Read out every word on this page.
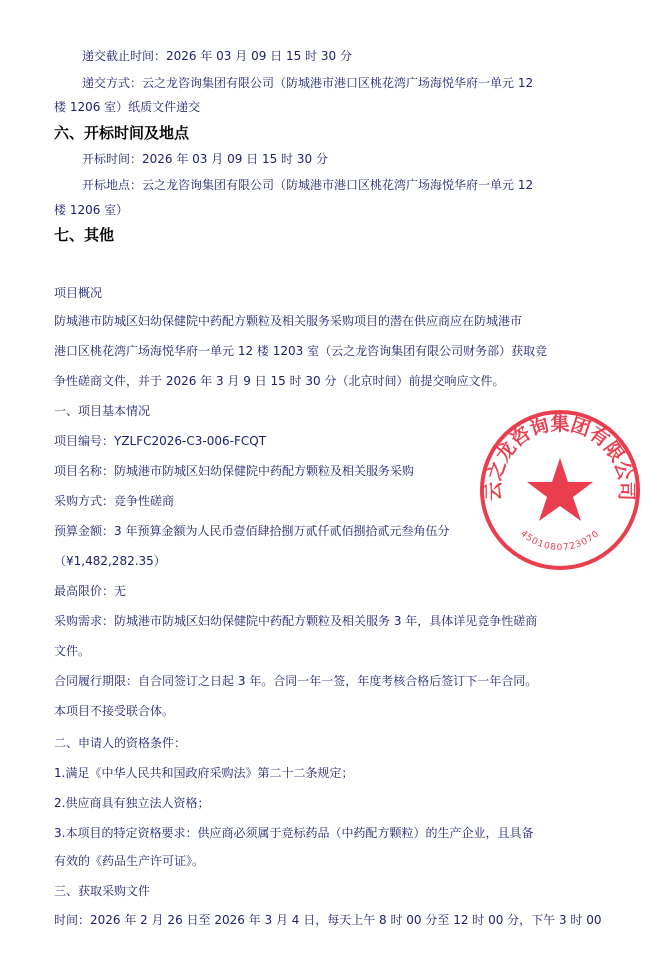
递交截止时间：2026 年 03 月 09 日 15 时 30 分
递交方式：云之龙咨询集团有限公司（防城港市港口区桃花湾广场海悦华府一单元 12
楼 1206 室）纸质文件递交
六、开标时间及地点
开标时间：2026 年 03 月 09 日 15 时 30 分
开标地点：云之龙咨询集团有限公司（防城港市港口区桃花湾广场海悦华府一单元 12
楼 1206 室）
七、其他
项目概况
防城港市防城区妇幼保健院中药配方颗粒及相关服务采购项目的潜在供应商应在防城港市
港口区桃花湾广场海悦华府一单元 12 楼 1203 室（云之龙咨询集团有限公司财务部）获取竞
争性磋商文件，并于 2026 年 3 月 9 日 15 时 30 分（北京时间）前提交响应文件。
一、项目基本情况
项目编号：YZLFC2026-C3-006-FCQT
项目名称：防城港市防城区妇幼保健院中药配方颗粒及相关服务采购
采购方式：竞争性磋商
预算金额：3 年预算金额为人民币壹佰肆拾捌万贰仟贰佰捌拾贰元叁角伍分
（¥1,482,282.35）
最高限价：无
采购需求：防城港市防城区妇幼保健院中药配方颗粒及相关服务 3 年，具体详见竞争性磋商
文件。
合同履行期限：自合同签订之日起 3 年。合同一年一签，年度考核合格后签订下一年合同。
本项目不接受联合体。
二、申请人的资格条件：
1.满足《中华人民共和国政府采购法》第二十二条规定；
2.供应商具有独立法人资格；
3.本项目的特定资格要求：供应商必须属于竞标药品（中药配方颗粒）的生产企业，且具备
有效的《药品生产许可证》。
三、获取采购文件
时间：2026 年 2 月 26 日至 2026 年 3 月 4 日，每天上午 8 时 00 分至 12 时 00 分，下午 3 时 00
云之龙咨询集团有限公司
4501080723070
